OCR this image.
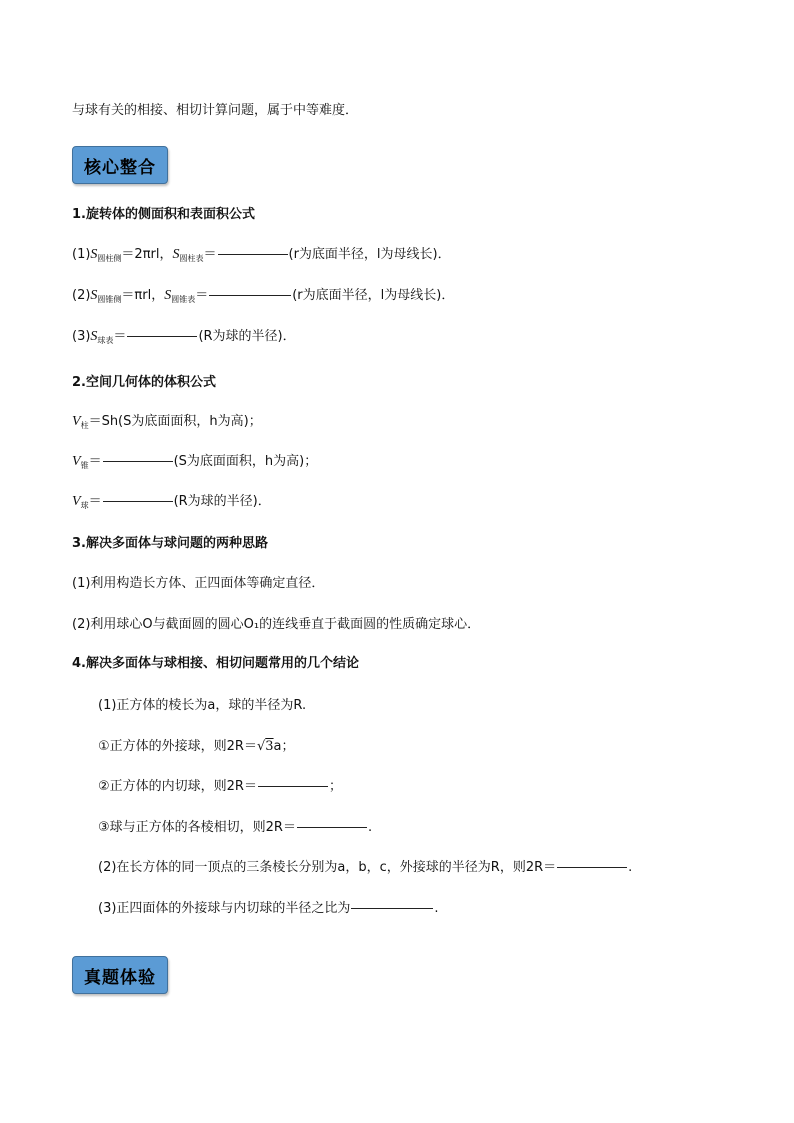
与球有关的相接、相切计算问题，属于中等难度．
核心整合
1.旋转体的侧面积和表面积公式
$(1)S_{圆柱侧}=2\pi rl$，$S_{圆柱表}=$	(r为底面半径，l为母线长)．
$(2)S_{圆锥侧}=\pi rl$，$S_{圆锥表}=$	(r为底面半径，l为母线长)．
$(3)S_{球表}=$	(R为球的半径)．
2.空间几何体的体积公式
$V_柱=Sh(S$为底面面积，h为高)；
$V_锥=$	(S为底面面积，h为高)；
$V_球=$	(R为球的半径)．
3.解决多面体与球问题的两种思路
(1)利用构造长方体、正四面体等确定直径．
(2)利用球心O与截面圆的圆心O₁的连线垂直于截面圆的性质确定球心．
4.解决多面体与球相接、相切问题常用的几个结论
(1)正方体的棱长为a，球的半径为R.
①正方体的外接球，则2R＝√3a；
②正方体的内切球，则2R＝	；
③球与正方体的各棱相切，则2R＝	.
(2)在长方体的同一顶点的三条棱长分别为a，b，c，外接球的半径为R，则2R＝	.
(3)正四面体的外接球与内切球的半径之比为	.
真题体验
